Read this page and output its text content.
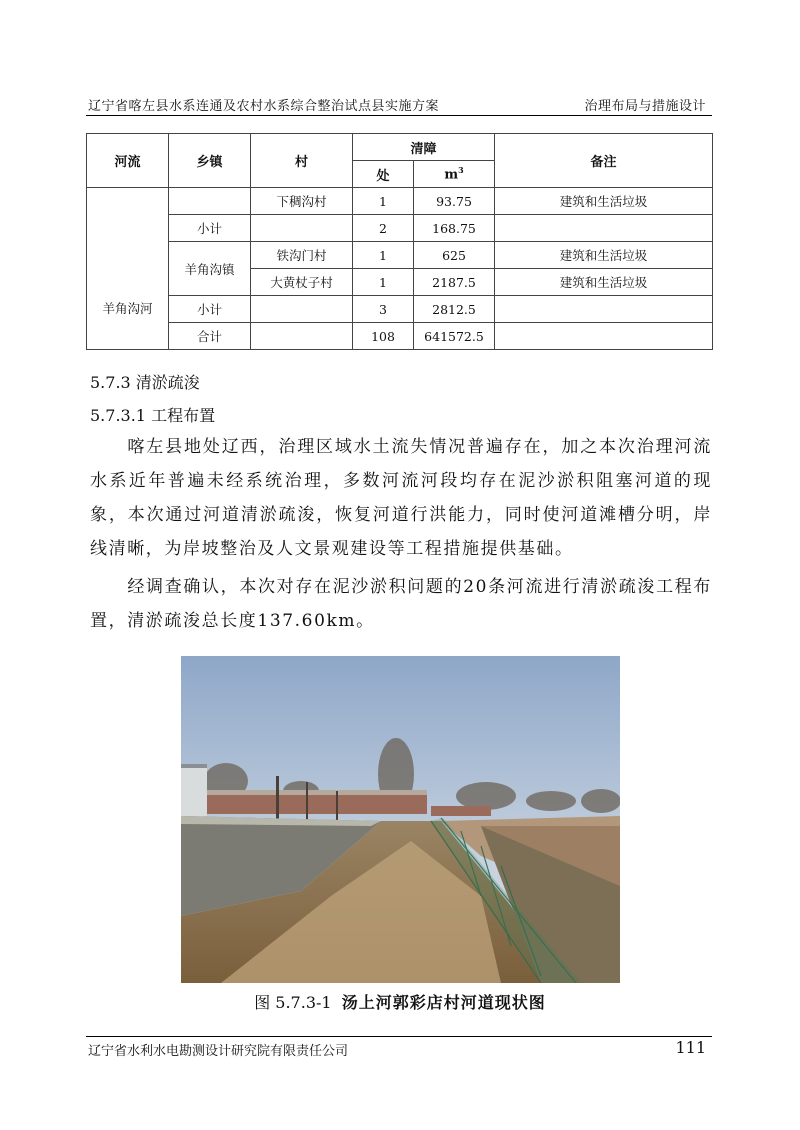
辽宁省喀左县水系连通及农村水系综合整治试点县实施方案	治理布局与措施设计
河流	乡镇	村	清障		备注
			处	$m^3$

羊角沟河		下稠沟村	1	93.75	建筑和生活垃圾
	小计		2	168.75	
	羊角沟镇	铁沟门村	1	625	建筑和生活垃圾
		大黄杖子村	1	2187.5	建筑和生活垃圾
	小计		3	2812.5	
	合计		108	641572.5	
5.7.3 清淤疏浚
5.7.3.1 工程布置

喀左县地处辽西，治理区域水土流失情况普遍存在，加之本次治理河流水系近年普遍未经系统治理，多数河流河段均存在泥沙淤积阻塞河道的现象，本次通过河道清淤疏浚，恢复河道行洪能力，同时使河道滩槽分明，岸线清晰，为岸坡整治及人文景观建设等工程措施提供基础。

经调查确认，本次对存在泥沙淤积问题的20条河流进行清淤疏浚工程布置，清淤疏浚总长度137.60km。

图 5.7.3-1 汤上河郭彩店村河道现状图
辽宁省水利水电勘测设计研究院有限责任公司	111
